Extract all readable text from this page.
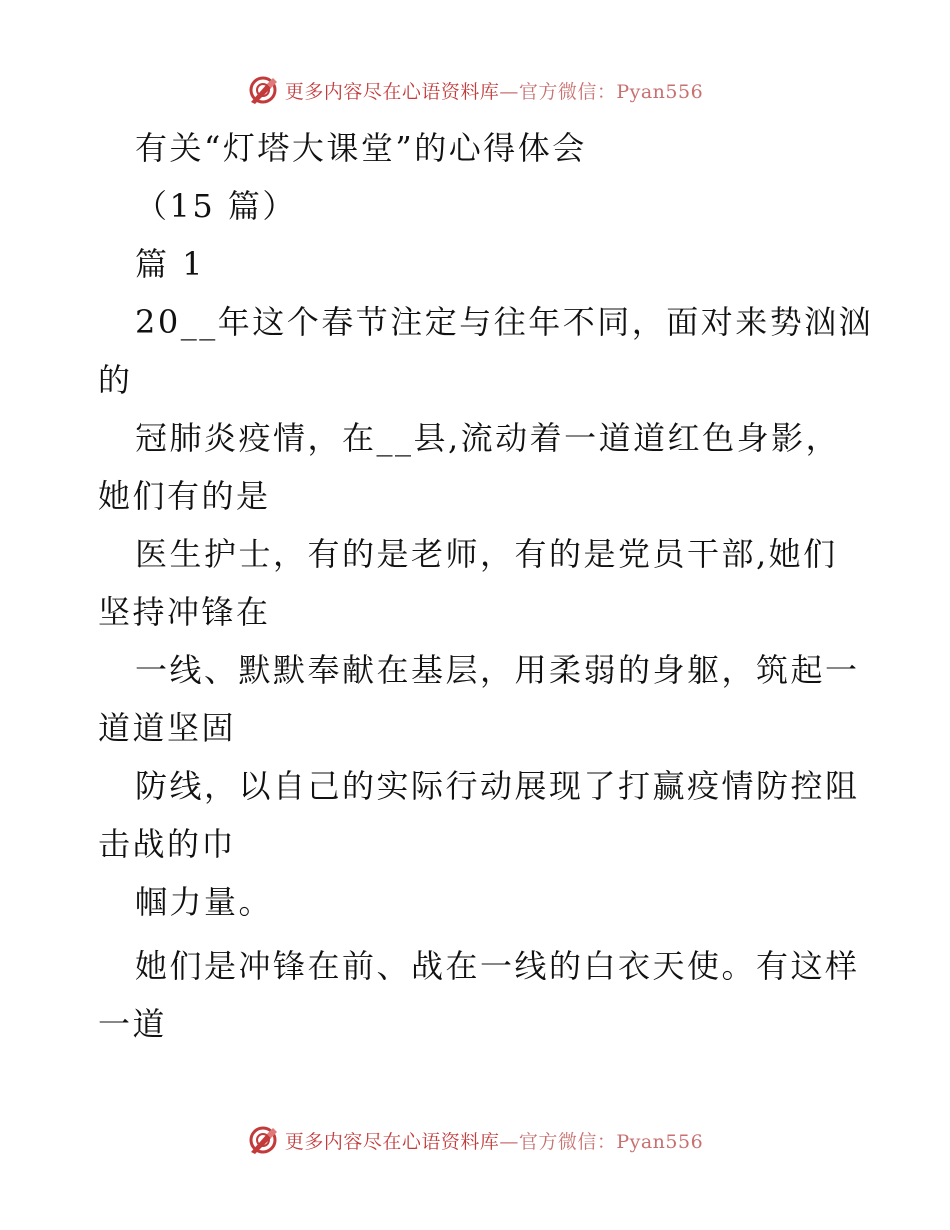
更多内容尽在心语资料库—官方微信：Pyan556
有关“灯塔大课堂”的心得体会
（15 篇）
篇 1
20__年这个春节注定与往年不同，面对来势汹汹
的
冠肺炎疫情，在__县,流动着一道道红色身影，
她们有的是
医生护士，有的是老师，有的是党员干部,她们
坚持冲锋在
一线、默默奉献在基层，用柔弱的身躯，筑起一
道道坚固
防线，以自己的实际行动展现了打赢疫情防控阻
击战的巾
帼力量。
她们是冲锋在前、战在一线的白衣天使。有这样
一道
更多内容尽在心语资料库—官方微信：Pyan556
